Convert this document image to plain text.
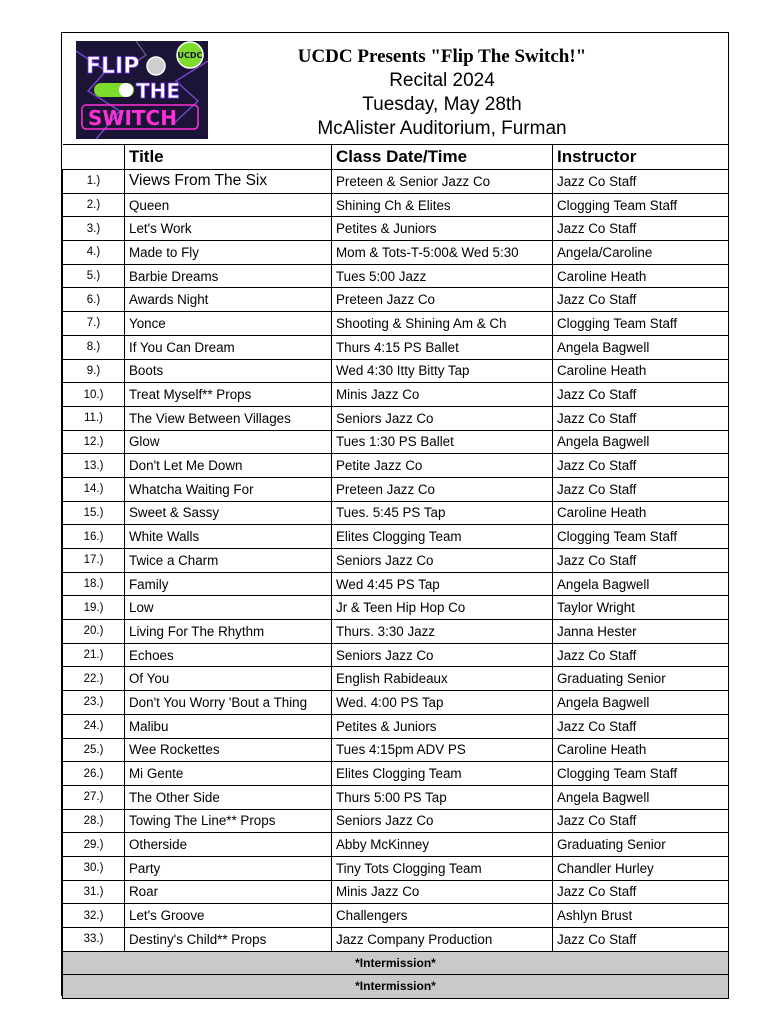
FLIP
THE
SWITCH
UCDC	UCDC Presents "Flip The Switch!"
Recital 2024
Tuesday, May 28th
McAlister Auditorium, Furman
	Title	Class Date/Time	Instructor
1.)	Views From The Six	Preteen & Senior Jazz Co	Jazz Co Staff
2.)	Queen	Shining Ch & Elites	Clogging Team Staff
3.)	Let's Work	Petites & Juniors	Jazz Co Staff
4.)	Made to Fly	Mom & Tots-T-5:00& Wed 5:30	Angela/Caroline
5.)	Barbie Dreams	Tues 5:00 Jazz	Caroline Heath
6.)	Awards Night	Preteen Jazz Co	Jazz Co Staff
7.)	Yonce	Shooting & Shining Am & Ch	Clogging Team Staff
8.)	If You Can Dream	Thurs 4:15 PS Ballet	Angela Bagwell
9.)	Boots	Wed 4:30 Itty Bitty Tap	Caroline Heath
10.)	Treat Myself** Props	Minis Jazz Co	Jazz Co Staff
11.)	The View Between Villages	Seniors Jazz Co	Jazz Co Staff
12.)	Glow	Tues 1:30 PS Ballet	Angela Bagwell
13.)	Don't Let Me Down	Petite Jazz Co	Jazz Co Staff
14.)	Whatcha Waiting For	Preteen Jazz Co	Jazz Co Staff
15.)	Sweet & Sassy	Tues. 5:45 PS Tap	Caroline Heath
16.)	White Walls	Elites Clogging Team	Clogging Team Staff
17.)	Twice a Charm	Seniors Jazz Co	Jazz Co Staff
18.)	Family	Wed 4:45 PS Tap	Angela Bagwell
19.)	Low	Jr & Teen Hip Hop Co	Taylor Wright
20.)	Living For The Rhythm	Thurs. 3:30 Jazz	Janna Hester
21.)	Echoes	Seniors Jazz Co	Jazz Co Staff
22.)	Of You	English Rabideaux	Graduating Senior
23.)	Don't You Worry 'Bout a Thing	Wed. 4:00 PS Tap	Angela Bagwell
24.)	Malibu	Petites & Juniors	Jazz Co Staff
25.)	Wee Rockettes	Tues 4:15pm ADV PS	Caroline Heath
26.)	Mi Gente	Elites Clogging Team	Clogging Team Staff
27.)	The Other Side	Thurs 5:00 PS Tap	Angela Bagwell
28.)	Towing The Line** Props	Seniors Jazz Co	Jazz Co Staff
29.)	Otherside	Abby McKinney	Graduating Senior
30.)	Party	Tiny Tots Clogging Team	Chandler Hurley
31.)	Roar	Minis Jazz Co	Jazz Co Staff
32.)	Let's Groove	Challengers	Ashlyn Brust
33.)	Destiny's Child** Props	Jazz Company Production	Jazz Co Staff
*Intermission*			
*Intermission*			
